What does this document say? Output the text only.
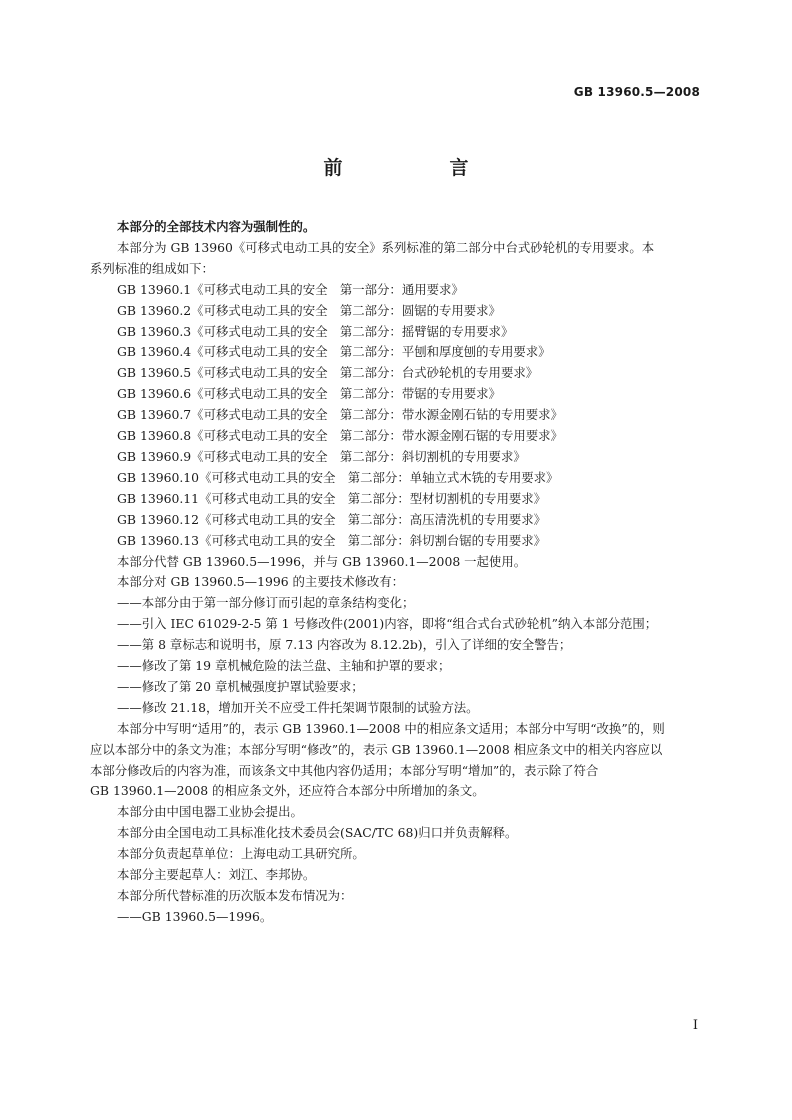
GB 13960.5—2008
前　言

本部分的全部技术内容为强制性的。

本部分为 GB 13960《可移式电动工具的安全》系列标准的第二部分中台式砂轮机的专用要求。本

系列标准的组成如下：

GB 13960.1《可移式电动工具的安全　第一部分：通用要求》

GB 13960.2《可移式电动工具的安全　第二部分：圆锯的专用要求》

GB 13960.3《可移式电动工具的安全　第二部分：摇臂锯的专用要求》

GB 13960.4《可移式电动工具的安全　第二部分：平刨和厚度刨的专用要求》

GB 13960.5《可移式电动工具的安全　第二部分：台式砂轮机的专用要求》

GB 13960.6《可移式电动工具的安全　第二部分：带锯的专用要求》

GB 13960.7《可移式电动工具的安全　第二部分：带水源金刚石钻的专用要求》

GB 13960.8《可移式电动工具的安全　第二部分：带水源金刚石锯的专用要求》

GB 13960.9《可移式电动工具的安全　第二部分：斜切割机的专用要求》

GB 13960.10《可移式电动工具的安全　第二部分：单轴立式木铣的专用要求》

GB 13960.11《可移式电动工具的安全　第二部分：型材切割机的专用要求》

GB 13960.12《可移式电动工具的安全　第二部分：高压清洗机的专用要求》

GB 13960.13《可移式电动工具的安全　第二部分：斜切割台锯的专用要求》

本部分代替 GB 13960.5—1996，并与 GB 13960.1—2008 一起使用。

本部分对 GB 13960.5—1996 的主要技术修改有：

——本部分由于第一部分修订而引起的章条结构变化；

——引入 IEC 61029-2-5 第 1 号修改件(2001)内容，即将“组合式台式砂轮机”纳入本部分范围；

——第 8 章标志和说明书，原 7.13 内容改为 8.12.2b)，引入了详细的安全警告；

——修改了第 19 章机械危险的法兰盘、主轴和护罩的要求；

——修改了第 20 章机械强度护罩试验要求；

——修改 21.18，增加开关不应受工件托架调节限制的试验方法。

本部分中写明“适用”的，表示 GB 13960.1—2008 中的相应条文适用；本部分中写明“改换”的，则

应以本部分中的条文为准；本部分写明“修改”的，表示 GB 13960.1—2008 相应条文中的相关内容应以

本部分修改后的内容为准，而该条文中其他内容仍适用；本部分写明“增加”的，表示除了符合

GB 13960.1—2008 的相应条文外，还应符合本部分中所增加的条文。

本部分由中国电器工业协会提出。

本部分由全国电动工具标准化技术委员会(SAC/TC 68)归口并负责解释。

本部分负责起草单位：上海电动工具研究所。

本部分主要起草人：刘江、李邦协。

本部分所代替标准的历次版本发布情况为：

——GB 13960.5—1996。

I
